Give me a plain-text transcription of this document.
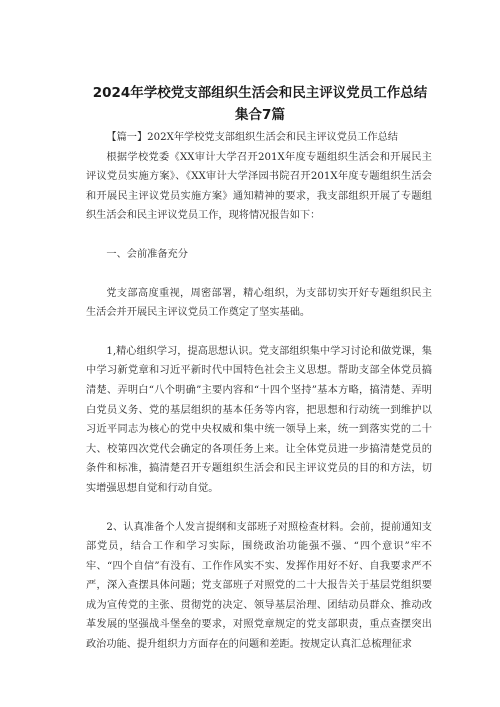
2024年学校党支部组织生活会和民主评议党员工作总结
集合7篇

【篇一】202X年学校党支部组织生活会和民主评议党员工作总结

根据学校党委《XX审计大学召开201X年度专题组织生活会和开展民主评议党员实施方案》、《XX审计大学泽园书院召开201X年度专题组织生活会和开展民主评议党员实施方案》通知精神的要求，我支部组织开展了专题组织生活会和民主评议党员工作，现将情况报告如下：

一、会前准备充分

党支部高度重视，周密部署，精心组织，为支部切实开好专题组织民主生活会并开展民主评议党员工作奠定了坚实基础。

1,精心组织学习，提高思想认识。党支部组织集中学习讨论和做党课，集中学习新党章和习近平新时代中国特色社会主义思想。帮助支部全体党员搞清楚、弄明白“八个明确”主要内容和“十四个坚持”基本方略，搞清楚、弄明白党员义务、党的基层组织的基本任务等内容，把思想和行动统一到维护以习近平同志为核心的党中央权威和集中统一领导上来，统一到落实党的二十大、校第四次党代会确定的各项任务上来。让全体党员进一步搞清楚党员的条件和标准，搞清楚召开专题组织生活会和民主评议党员的目的和方法，切实增强思想自觉和行动自觉。

2、认真准备个人发言提纲和支部班子对照检查材料。会前，提前通知支部党员，结合工作和学习实际，围绕政治功能强不强、“四个意识”牢不牢、“四个自信”有没有、工作作风实不实、发挥作用好不好、自我要求严不严，深入查摆具体问题；党支部班子对照党的二十大报告关于基层党组织要成为宣传党的主张、贯彻党的决定、领导基层治理、团结动员群众、推动改革发展的坚强战斗堡垒的要求，对照党章规定的党支部职责，重点查摆突出政治功能、提升组织力方面存在的问题和差距。按规定认真汇总梳理征求
